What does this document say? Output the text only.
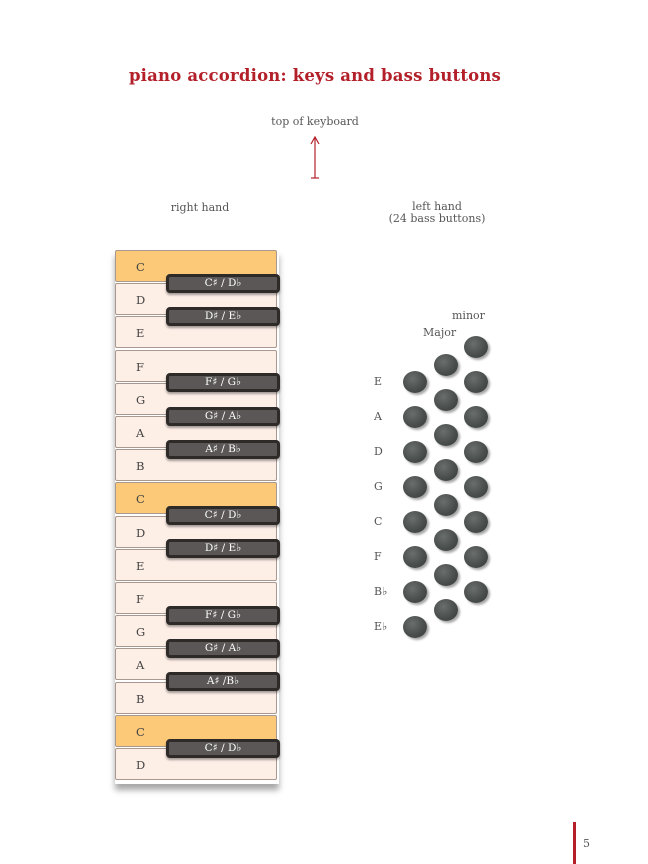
piano accordion: keys and bass buttons
top of keyboard
right hand	left hand
(24 bass buttons)
C
D
E
F
G
A
B
C
D
E
F
G
A
B
C
D
C♯ / D♭
D♯ / E♭
F♯ / G♭
G♯ / A♭
A♯ / B♭
C♯ / D♭
D♯ / E♭
F♯ / G♭
G♯ / A♭
A♯ /B♭
C♯ / D♭
minor
Major
5
E
A
D
G
C
F
B♭
E♭
